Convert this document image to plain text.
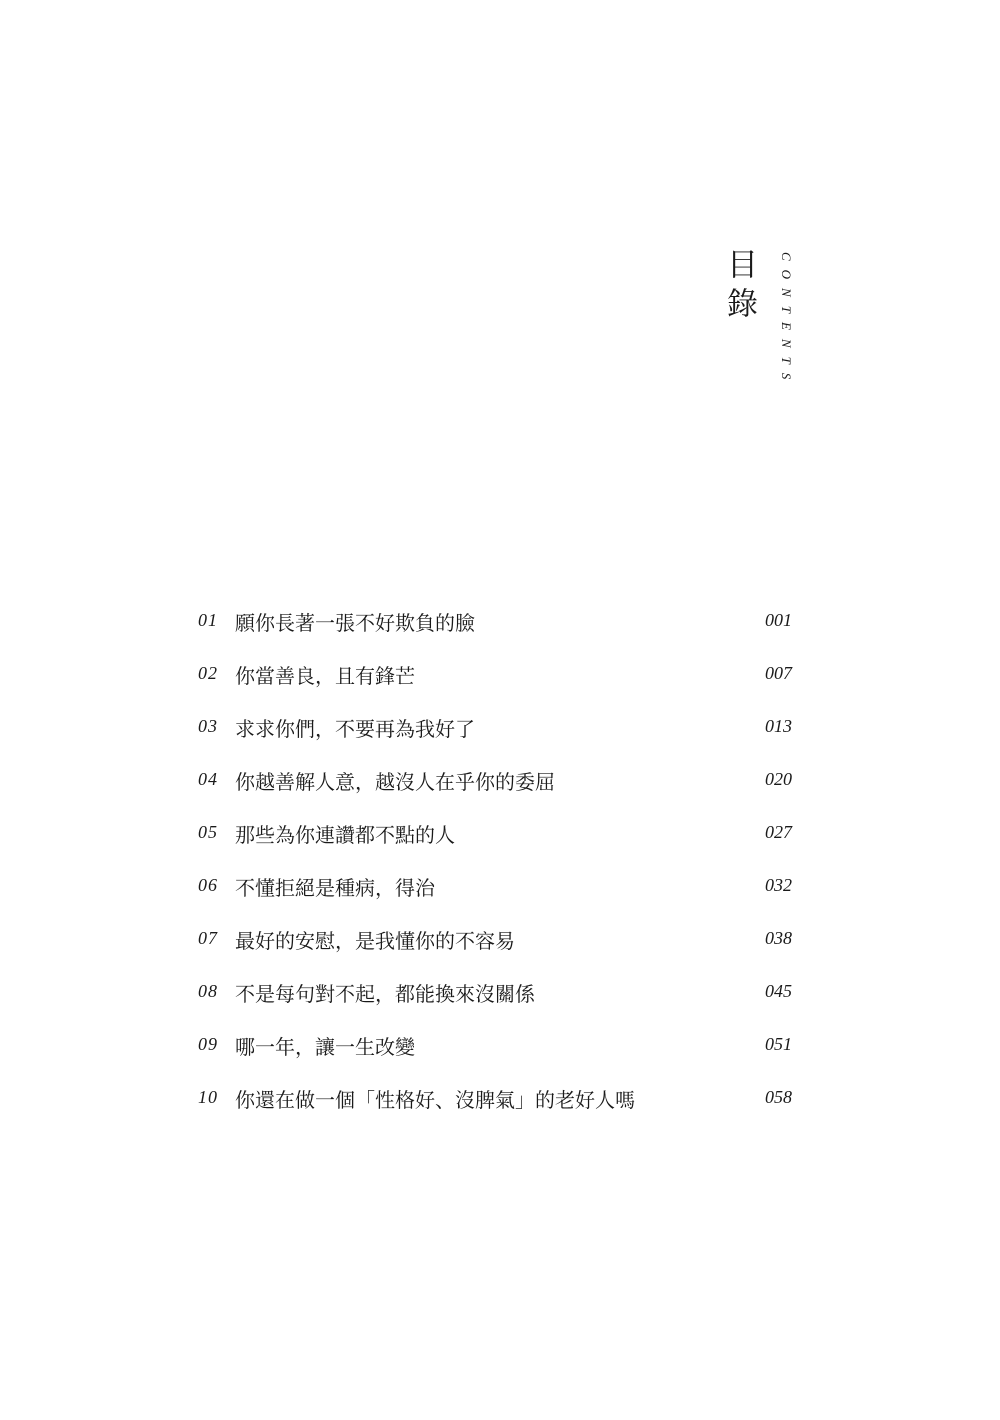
目錄	CONTENTS
01 願你長著一張不好欺負的臉	001
02 你當善良，且有鋒芒	007
03 求求你們，不要再為我好了	013
04 你越善解人意，越沒人在乎你的委屈	020
05 那些為你連讚都不點的人	027
06 不懂拒絕是種病，得治	032
07 最好的安慰，是我懂你的不容易	038
08 不是每句對不起，都能換來沒關係	045
09 哪一年，讓一生改變	051
10 你還在做一個「性格好、沒脾氣」的老好人嗎	058
